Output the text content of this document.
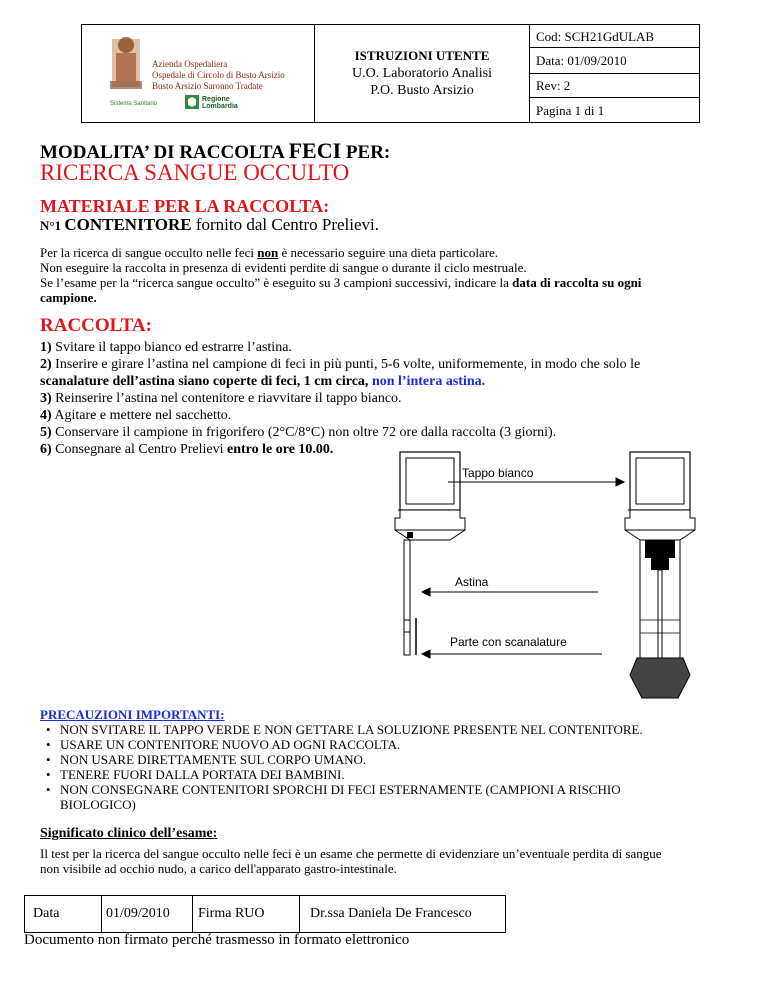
Azienda Ospedaliera
Ospedale di Circolo di Busto Arsizio
Busto Arsizio Saronno Tradate
Sistema Sanitario
Regione
Lombardia
ISTRUZIONI UTENTE
U.O. Laboratorio Analisi
P.O. Busto Arsizio
Cod: SCH21GdULAB
Data: 01/09/2010
Rev: 2
Pagina 1 di 1
MODALITA’ DI RACCOLTA FECI PER:
RICERCA SANGUE OCCULTO
MATERIALE PER LA RACCOLTA:
N°1 CONTENITORE fornito dal Centro Prelievi.
Per la ricerca di sangue occulto nelle feci non è necessario seguire una dieta particolare.
Non eseguire la raccolta in presenza di evidenti perdite di sangue o durante il ciclo mestruale.
Se l’esame per la “ricerca sangue occulto” è eseguito su 3 campioni successivi, indicare la data di raccolta su ogni
campione.
RACCOLTA:
1) Svitare il tappo bianco ed estrarre l’astina.
2) Inserire e girare l’astina nel campione di feci in più punti, 5-6 volte, uniformemente, in modo che solo le
scanalature dell’astina siano coperte di feci, 1 cm circa, non l’intera astina.
3) Reinserire l’astina nel contenitore e riavvitare il tappo bianco.
4) Agitare e mettere nel sacchetto.
5) Conservare il campione in frigorifero (2°C/8°C) non oltre 72 ore dalla raccolta (3 giorni).
6) Consegnare al Centro Prelievi entro le ore 10.00.
Tappo bianco
Astina
Parte con scanalature
PRECAUZIONI IMPORTANTI:
• NON SVITARE IL TAPPO VERDE E NON GETTARE LA SOLUZIONE PRESENTE NEL CONTENITORE.
• USARE UN CONTENITORE NUOVO AD OGNI RACCOLTA.
• NON USARE DIRETTAMENTE SUL CORPO UMANO.
• TENERE FUORI DALLA PORTATA DEI BAMBINI.
• NON CONSEGNARE CONTENITORI SPORCHI DI FECI ESTERNAMENTE (CAMPIONI A RISCHIO
BIOLOGICO)
Significato clinico dell’esame:
Il test per la ricerca del sangue occulto nelle feci è un esame che permette di evidenziare un’eventuale perdita di sangue
non visibile ad occhio nudo, a carico dell'apparato gastro-intestinale.
Data	01/09/2010 Firma RUO	Dr.ssa Daniela De Francesco
Documento non firmato perché trasmesso in formato elettronico
